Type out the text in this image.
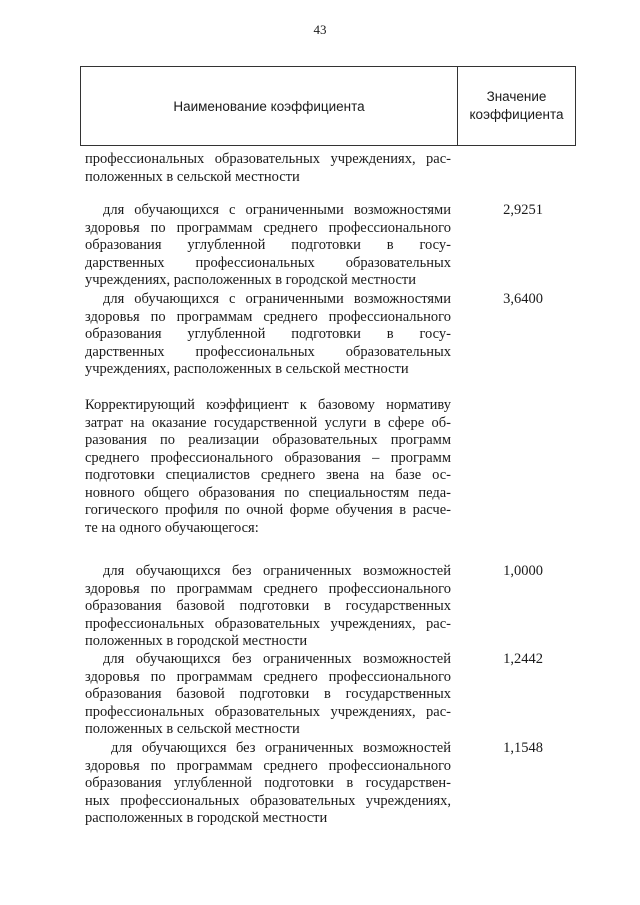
43
Наименование коэффициента
Значение
коэффициента
профессиональных образовательных учреждениях, рас-
положенных в сельской местности
для обучающихся с ограниченными возможностями
здоровья по программам среднего профессионального
образования углубленной подготовки в госу-
дарственных профессиональных образовательных
учреждениях, расположенных в городской местности
2,9251
для обучающихся с ограниченными возможностями
здоровья по программам среднего профессионального
образования углубленной подготовки в госу-
дарственных профессиональных образовательных
учреждениях, расположенных в сельской местности
3,6400
Корректирующий коэффициент к базовому нормативу
затрат на оказание государственной услуги в сфере об-
разования по реализации образовательных программ
среднего профессионального образования – программ
подготовки специалистов среднего звена на базе ос-
новного общего образования по специальностям педа-
гогического профиля по очной форме обучения в расче-
те на одного обучающегося:
для обучающихся без ограниченных возможностей
здоровья по программам среднего профессионального
образования базовой подготовки в государственных
профессиональных образовательных учреждениях, рас-
положенных в городской местности
1,0000
для обучающихся без ограниченных возможностей
здоровья по программам среднего профессионального
образования базовой подготовки в государственных
профессиональных образовательных учреждениях, рас-
положенных в сельской местности
1,2442
для обучающихся без ограниченных возможностей
здоровья по программам среднего профессионального
образования углубленной подготовки в государствен-
ных профессиональных образовательных учреждениях,
расположенных в городской местности
1,1548
